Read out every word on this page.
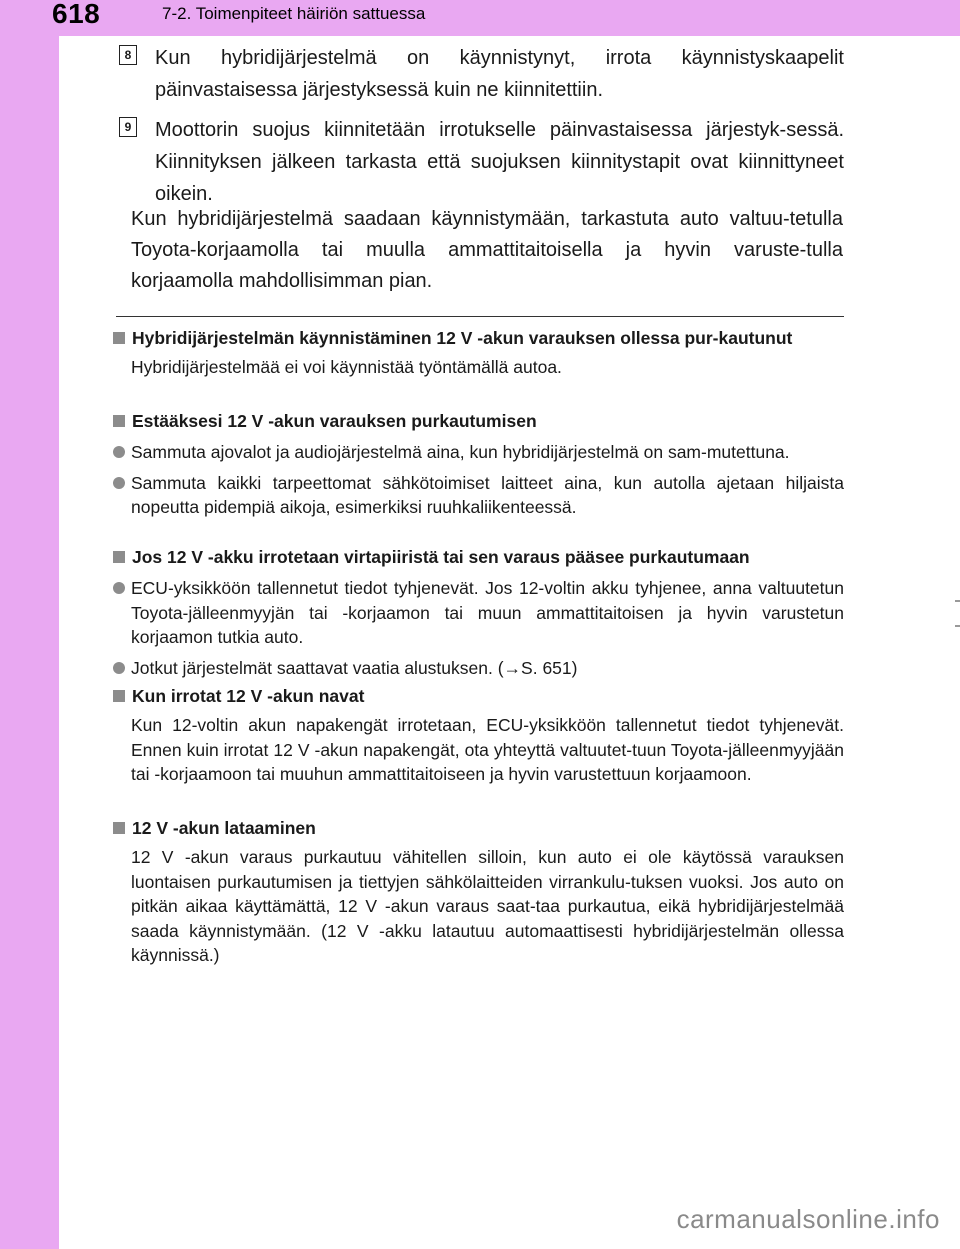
618	7-2. Toimenpiteet häiriön sattuessa
8 Kun hybridijärjestelmä on käynnistynyt, irrota käynnistyskaapelit päinvastaisessa järjestyksessä kuin ne kiinnitettiin.
9 Moottorin suojus kiinnitetään irrotukselle päinvastaisessa järjestyk-sessä. Kiinnityksen jälkeen tarkasta että suojuksen kiinnitystapit ovat kiinnittyneet oikein.
Kun hybridijärjestelmä saadaan käynnistymään, tarkastuta auto valtuu-tetulla Toyota-korjaamolla tai muulla ammattitaitoisella ja hyvin varuste-tulla korjaamolla mahdollisimman pian.
Hybridijärjestelmän käynnistäminen 12 V -akun varauksen ollessa pur-kautunut
Hybridijärjestelmää ei voi käynnistää työntämällä autoa.
Estääksesi 12 V -akun varauksen purkautumisen
Sammuta ajovalot ja audiojärjestelmä aina, kun hybridijärjestelmä on sam-mutettuna.
Sammuta kaikki tarpeettomat sähkötoimiset laitteet aina, kun autolla ajetaan hiljaista nopeutta pidempiä aikoja, esimerkiksi ruuhkaliikenteessä.
Jos 12 V -akku irrotetaan virtapiiristä tai sen varaus pääsee purkautumaan
ECU-yksikköön tallennetut tiedot tyhjenevät. Jos 12-voltin akku tyhjenee, anna valtuutetun Toyota-jälleenmyyjän tai -korjaamon tai muun ammattitaitoisen ja hyvin varustetun korjaamon tutkia auto.
Jotkut järjestelmät saattavat vaatia alustuksen. (→S. 651)
Kun irrotat 12 V -akun navat
Kun 12-voltin akun napakengät irrotetaan, ECU-yksikköön tallennetut tiedot tyhjenevät. Ennen kuin irrotat 12 V -akun napakengät, ota yhteyttä valtuutet-tuun Toyota-jälleenmyyjään tai -korjaamoon tai muuhun ammattitaitoiseen ja hyvin varustettuun korjaamoon.
12 V -akun lataaminen
12 V -akun varaus purkautuu vähitellen silloin, kun auto ei ole käytössä varauksen luontaisen purkautumisen ja tiettyjen sähkölaitteiden virrankulu-tuksen vuoksi. Jos auto on pitkän aikaa käyttämättä, 12 V -akun varaus saat-taa purkautua, eikä hybridijärjestelmää saada käynnistymään. (12 V -akku latautuu automaattisesti hybridijärjestelmän ollessa käynnissä.)
carmanualsonline.info
